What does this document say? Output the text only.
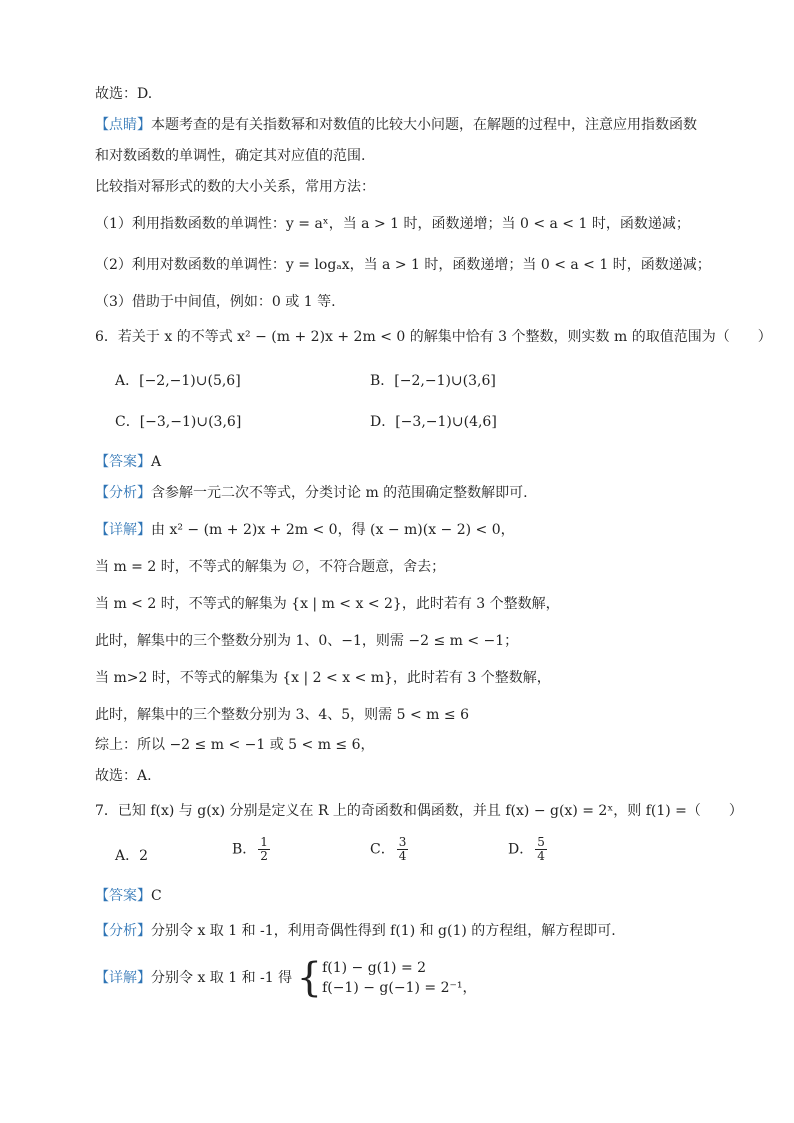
故选：D.
【点睛】本题考查的是有关指数幂和对数值的比较大小问题，在解题的过程中，注意应用指数函数
和对数函数的单调性，确定其对应值的范围.
比较指对幂形式的数的大小关系，常用方法：
（1）利用指数函数的单调性：y = aˣ，当 a > 1 时，函数递增；当 0 < a < 1 时，函数递减；
（2）利用对数函数的单调性：y = logₐx，当 a > 1 时，函数递增；当 0 < a < 1 时，函数递减；
（3）借助于中间值，例如：0 或 1 等.
6．若关于 x 的不等式 x² − (m + 2)x + 2m < 0 的解集中恰有 3 个整数，则实数 m 的取值范围为（　　）
A．[−2,−1)∪(5,6]	B．[−2,−1)∪(3,6]
C．[−3,−1)∪(3,6]	D．[−3,−1)∪(4,6]
【答案】A
【分析】含参解一元二次不等式，分类讨论 m 的范围确定整数解即可.
【详解】由 x² − (m + 2)x + 2m < 0，得 (x − m)(x − 2) < 0，
当 m = 2 时，不等式的解集为 ∅，不符合题意，舍去；
当 m < 2 时，不等式的解集为 {x | m < x < 2}，此时若有 3 个整数解，
此时，解集中的三个整数分别为 1、0、−1，则需 −2 ≤ m < −1；
当 m>2 时，不等式的解集为 {x | 2 < x < m}，此时若有 3 个整数解，
此时，解集中的三个整数分别为 3、4、5，则需 5 < m ≤ 6
综上：所以 −2 ≤ m < −1 或 5 < m ≤ 6，
故选：A.
7．已知 f(x) 与 g(x) 分别是定义在 R 上的奇函数和偶函数，并且 f(x) − g(x) = 2ˣ，则 f(1) =（　　）
A．2	B． $\frac{1}{2}$	C． $\frac{3}{4}$	D． $\frac{5}{4}$
【答案】C
【分析】分别令 x 取 1 和 -1，利用奇偶性得到 f(1) 和 g(1) 的方程组，解方程即可.
【详解】分别令 x 取 1 和 -1 得 { f(1) − g(1) = 2
f(−1) − g(−1) = 2⁻¹，
